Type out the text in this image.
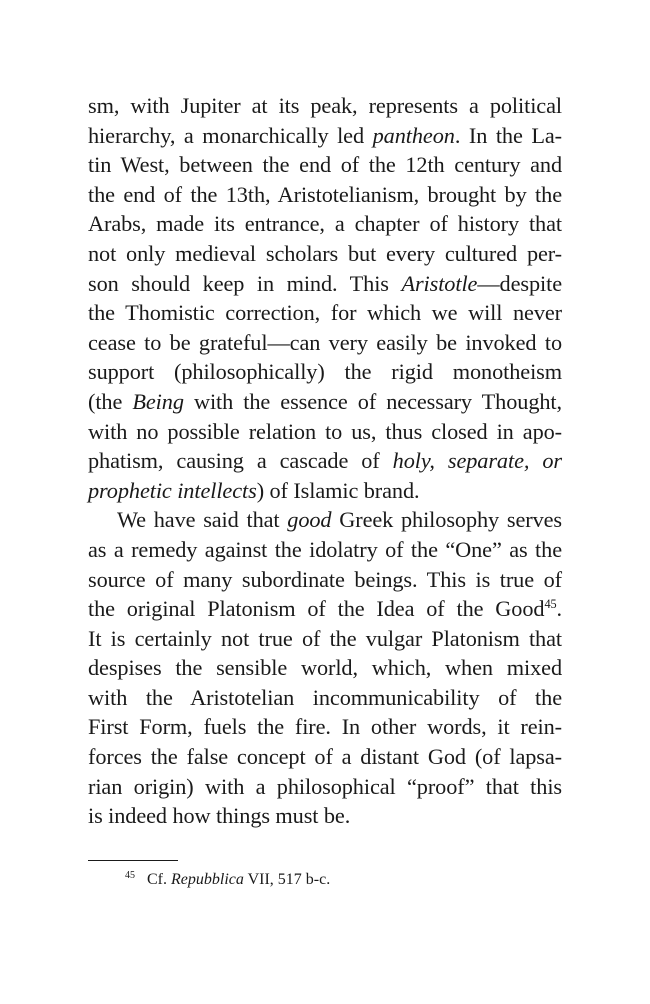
sm, with Jupiter at its peak, represents a political
hierarchy, a monarchically led pantheon. In the La-
tin West, between the end of the 12th century and
the end of the 13th, Aristotelianism, brought by the
Arabs, made its entrance, a chapter of history that
not only medieval scholars but every cultured per-
son should keep in mind. This Aristotle—despite
the Thomistic correction, for which we will never
cease to be grateful—can very easily be invoked to
support (philosophically) the rigid monotheism
(the Being with the essence of necessary Thought,
with no possible relation to us, thus closed in apo-
phatism, causing a cascade of holy, separate, or
prophetic intellects) of Islamic brand.
We have said that good Greek philosophy serves
as a remedy against the idolatry of the “One” as the
source of many subordinate beings. This is true of
the original Platonism of the Idea of the Good$^{45}$.
It is certainly not true of the vulgar Platonism that
despises the sensible world, which, when mixed
with the Aristotelian incommunicability of the
First Form, fuels the fire. In other words, it rein-
forces the false concept of a distant God (of lapsa-
rian origin) with a philosophical “proof” that this
is indeed how things must be.
$^{45}$ Cf. Repubblica VII, 517 b-c.
